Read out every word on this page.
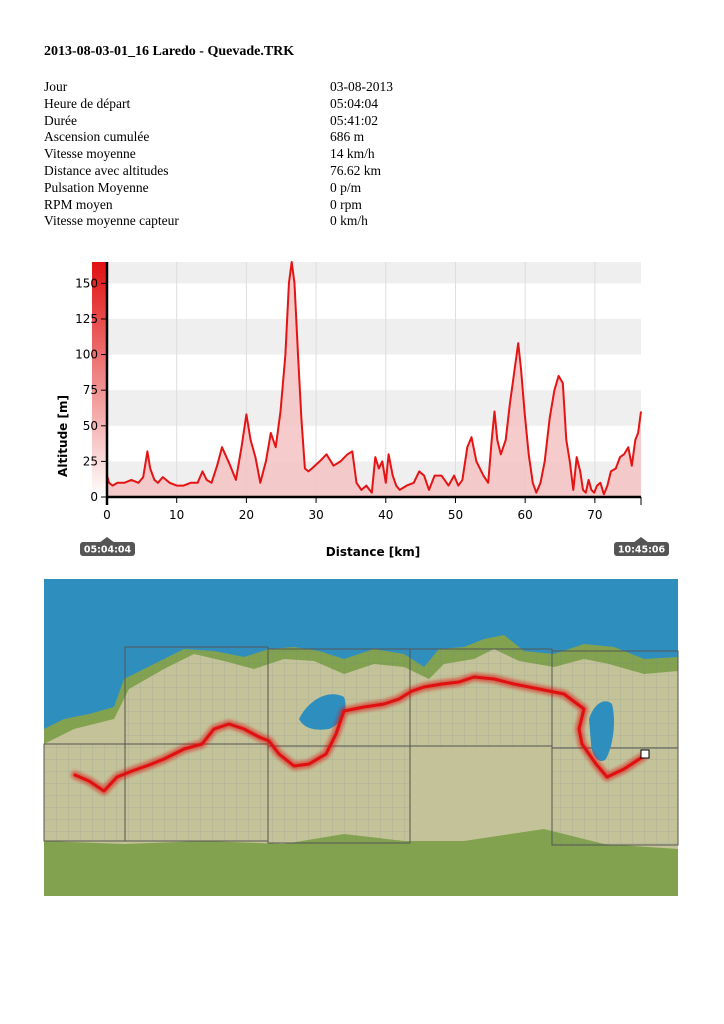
2013-08-03-01_16 Laredo - Quevade.TRK
Jour	03-08-2013
Heure de départ	05:04:04
Durée	05:41:02
Ascension cumulée	686 m
Vitesse moyenne	14 km/h
Distance avec altitudes	76.62 km
Pulsation Moyenne	0 p/m
RPM moyen	0 rpm
Vitesse moyenne capteur	0 km/h
0
25
50
75
100
125
150
0	10	20	30	40	50	60	70
Distance [km]
Altitude [m]
05:04:04	10:45:06
